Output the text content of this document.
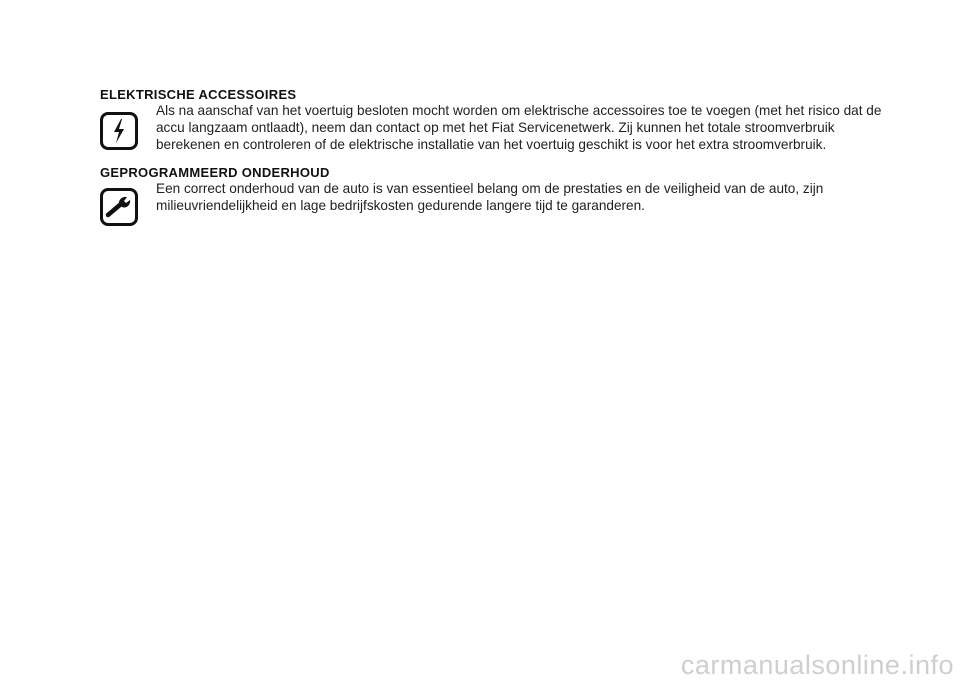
ELEKTRISCHE ACCESSOIRES

Als na aanschaf van het voertuig besloten mocht worden om elektrische accessoires toe te voegen (met het risico dat de accu langzaam ontlaadt), neem dan contact op met het Fiat Servicenetwerk. Zij kunnen het totale stroomverbruik berekenen en controleren of de elektrische installatie van het voertuig geschikt is voor het extra stroomverbruik.

GEPROGRAMMEERD ONDERHOUD

Een correct onderhoud van de auto is van essentieel belang om de prestaties en de veiligheid van de auto, zijn milieuvriendelijkheid en lage bedrijfskosten gedurende langere tijd te garanderen.

carmanualsonline.info
